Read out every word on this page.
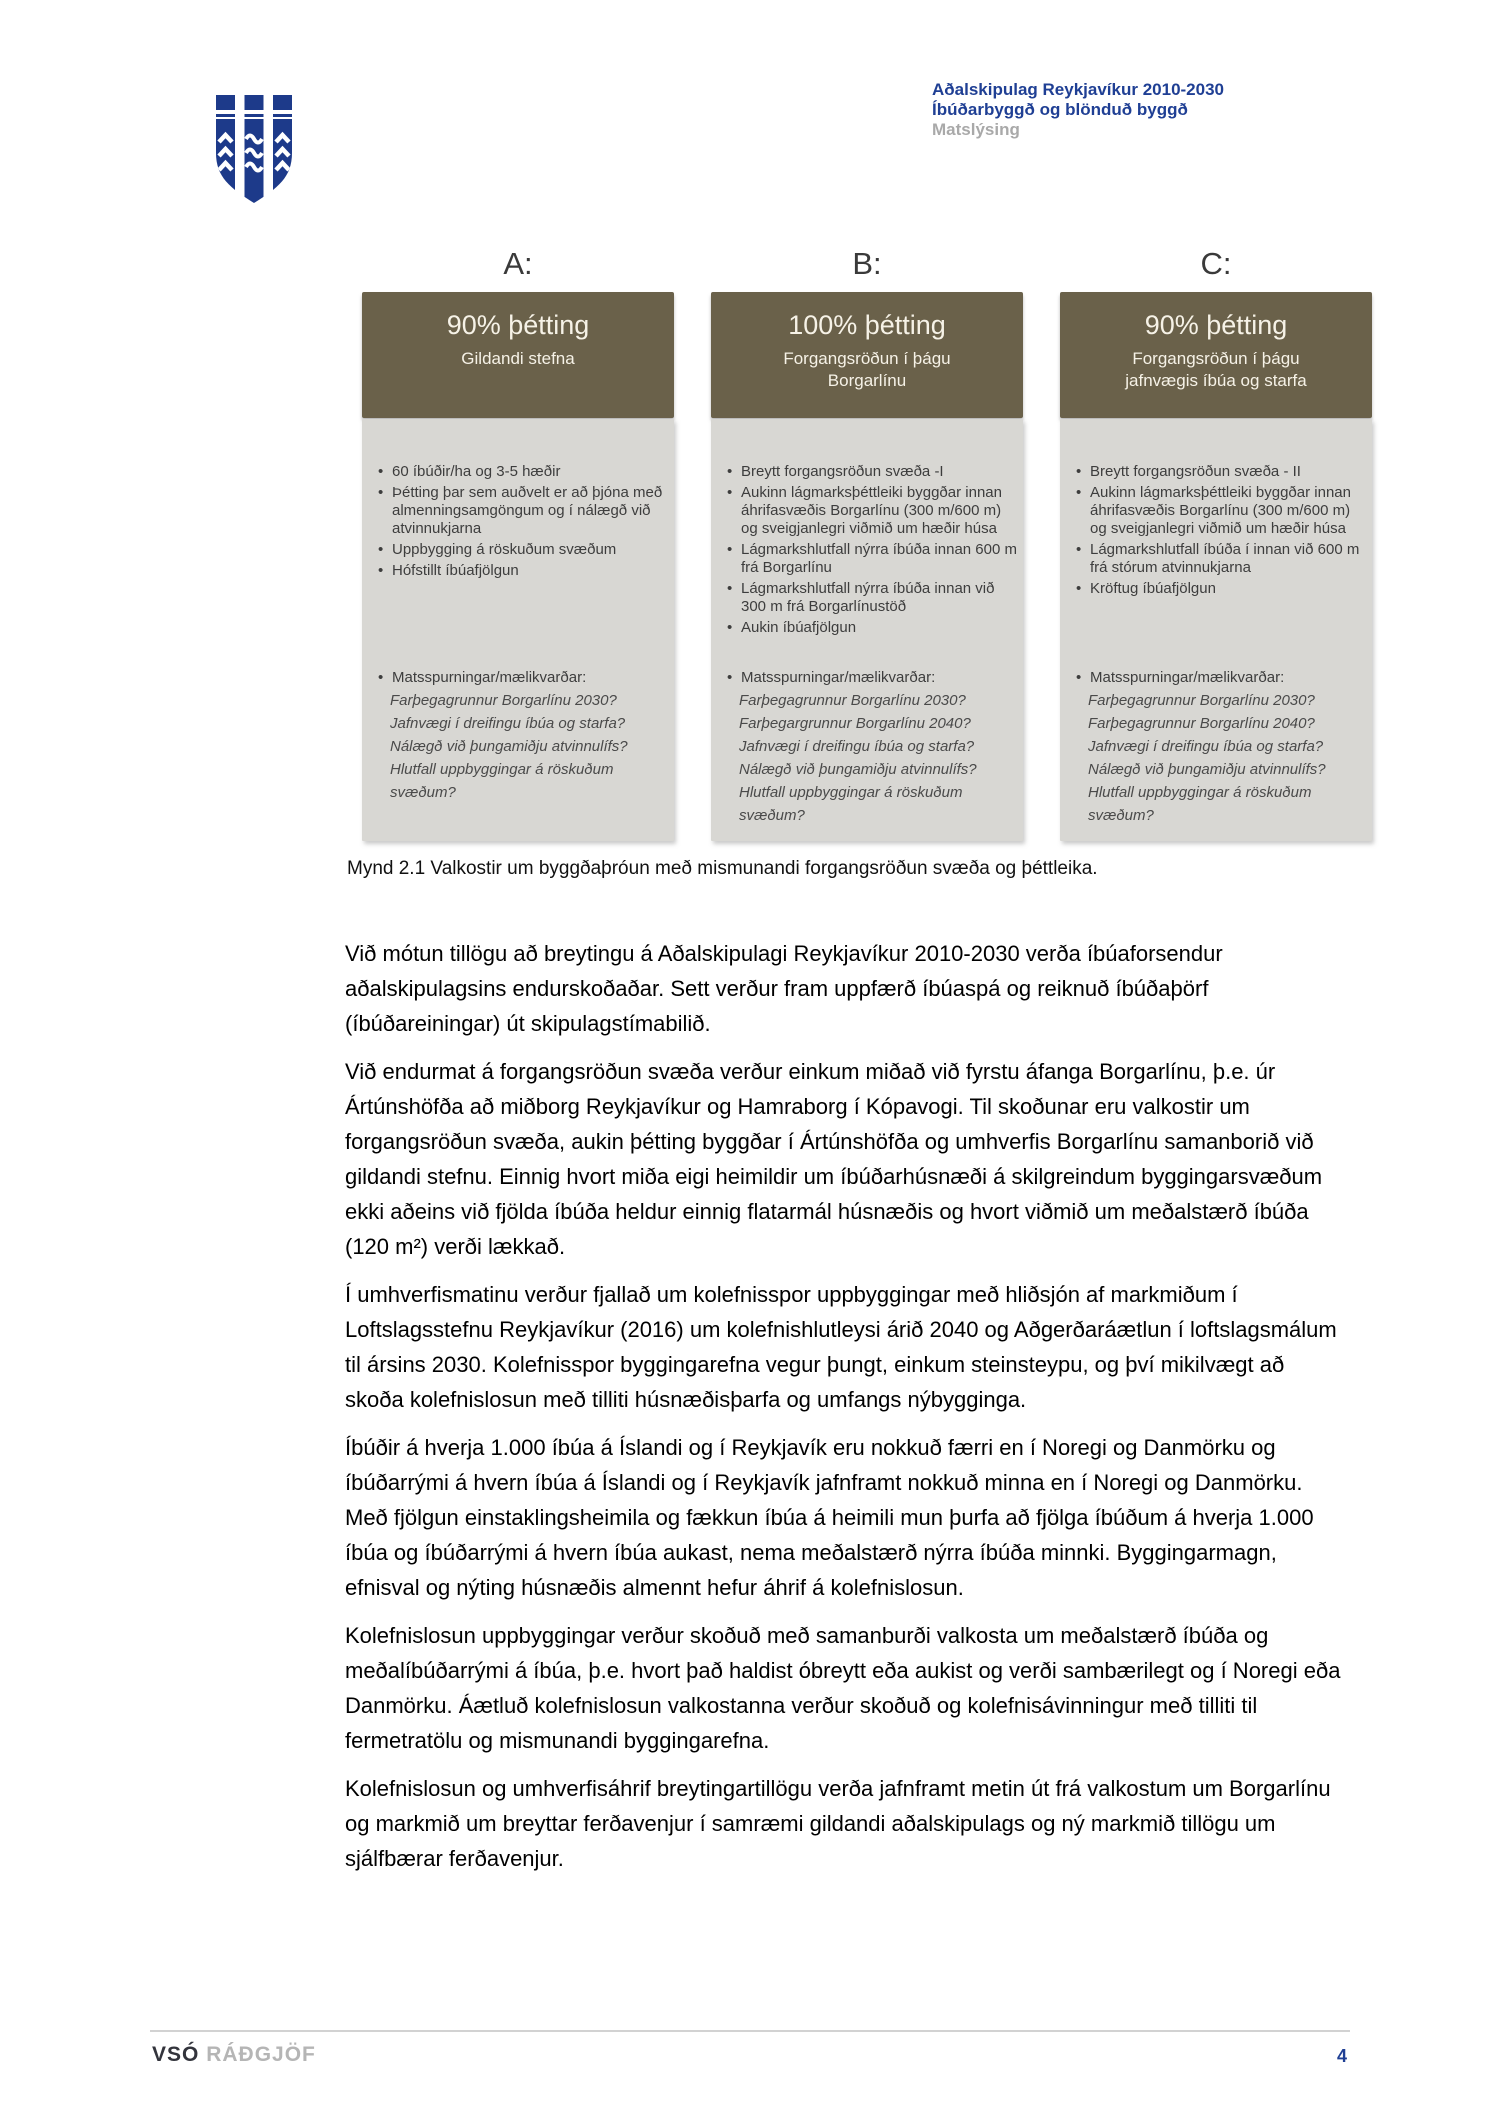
Aðalskipulag Reykjavíkur 2010-2030
Íbúðarbyggð og blönduð byggð
Matslýsing
A:
90% þétting
Gildandi stefna
• 60 íbúðir/ha og 3-5 hæðir
• Þétting þar sem auðvelt er að þjóna með almenningsamgöngum og í nálægð við atvinnukjarna
• Uppbygging á röskuðum svæðum
• Hófstillt íbúafjölgun
• Matsspurningar/mælikvarðar:
Farþegagrunnur Borgarlínu 2030?
Jafnvægi í dreifingu íbúa og starfa?
Nálægð við þungamiðju atvinnulífs?
Hlutfall uppbyggingar á röskuðum svæðum?
B:
100% þétting
Forgangsröðun í þágu Borgarlínu
• Breytt forgangsröðun svæða -I
• Aukinn lágmarksþéttleiki byggðar innan áhrifasvæðis Borgarlínu (300 m/600 m) og sveigjanlegri viðmið um hæðir húsa
• Lágmarkshlutfall nýrra íbúða innan 600 m frá Borgarlínu
• Lágmarkshlutfall nýrra íbúða innan við 300 m frá Borgarlínustöð
• Aukin íbúafjölgun
• Matsspurningar/mælikvarðar:
Farþegagrunnur Borgarlínu 2030?
Farþegargrunnur Borgarlínu 2040?
Jafnvægi í dreifingu íbúa og starfa?
Nálægð við þungamiðju atvinnulífs?
Hlutfall uppbyggingar á röskuðum svæðum?
C:
90% þétting
Forgangsröðun í þágu jafnvægis íbúa og starfa
• Breytt forgangsröðun svæða - II
• Aukinn lágmarksþéttleiki byggðar innan áhrifasvæðis Borgarlínu (300 m/600 m) og sveigjanlegri viðmið um hæðir húsa
• Lágmarkshlutfall íbúða í innan við 600 m frá stórum atvinnukjarna
• Kröftug íbúafjölgun
• Matsspurningar/mælikvarðar:
Farþegagrunnur Borgarlínu 2030?
Farþegagrunnur Borgarlínu 2040?
Jafnvægi í dreifingu íbúa og starfa?
Nálægð við þungamiðju atvinnulífs?
Hlutfall uppbyggingar á röskuðum svæðum?
Mynd 2.1 Valkostir um byggðaþróun með mismunandi forgangsröðun svæða og þéttleika.

Við mótun tillögu að breytingu á Aðalskipulagi Reykjavíkur 2010-2030 verða íbúaforsendur aðalskipulagsins endurskoðaðar. Sett verður fram uppfærð íbúaspá og reiknuð íbúðaþörf (íbúðareiningar) út skipulagstímabilið.

Við endurmat á forgangsröðun svæða verður einkum miðað við fyrstu áfanga Borgarlínu, þ.e. úr Ártúnshöfða að miðborg Reykjavíkur og Hamraborg í Kópavogi. Til skoðunar eru valkostir um forgangsröðun svæða, aukin þétting byggðar í Ártúnshöfða og umhverfis Borgarlínu samanborið við gildandi stefnu. Einnig hvort miða eigi heimildir um íbúðarhúsnæði á skilgreindum byggingarsvæðum ekki aðeins við fjölda íbúða heldur einnig flatarmál húsnæðis og hvort viðmið um meðalstærð íbúða (120 m²) verði lækkað.

Í umhverfismatinu verður fjallað um kolefnisspor uppbyggingar með hliðsjón af markmiðum í Loftslagsstefnu Reykjavíkur (2016) um kolefnishlutleysi árið 2040 og Aðgerðaráætlun í loftslagsmálum til ársins 2030. Kolefnisspor byggingarefna vegur þungt, einkum steinsteypu, og því mikilvægt að skoða kolefnislosun með tilliti húsnæðisþarfa og umfangs nýbygginga.

Íbúðir á hverja 1.000 íbúa á Íslandi og í Reykjavík eru nokkuð færri en í Noregi og Danmörku og íbúðarrými á hvern íbúa á Íslandi og í Reykjavík jafnframt nokkuð minna en í Noregi og Danmörku. Með fjölgun einstaklingsheimila og fækkun íbúa á heimili mun þurfa að fjölga íbúðum á hverja 1.000 íbúa og íbúðarrými á hvern íbúa aukast, nema meðalstærð nýrra íbúða minnki. Byggingarmagn, efnisval og nýting húsnæðis almennt hefur áhrif á kolefnislosun.

Kolefnislosun uppbyggingar verður skoðuð með samanburði valkosta um meðalstærð íbúða og meðalíbúðarrými á íbúa, þ.e. hvort það haldist óbreytt eða aukist og verði sambærilegt og í Noregi eða Danmörku. Áætluð kolefnislosun valkostanna verður skoðuð og kolefnisávinningur með tilliti til fermetratölu og mismunandi byggingarefna.

Kolefnislosun og umhverfisáhrif breytingartillögu verða jafnframt metin út frá valkostum um Borgarlínu og markmið um breyttar ferðavenjur í samræmi gildandi aðalskipulags og ný markmið tillögu um sjálfbærar ferðavenjur.

VSÓ RÁÐGJÖF	4
